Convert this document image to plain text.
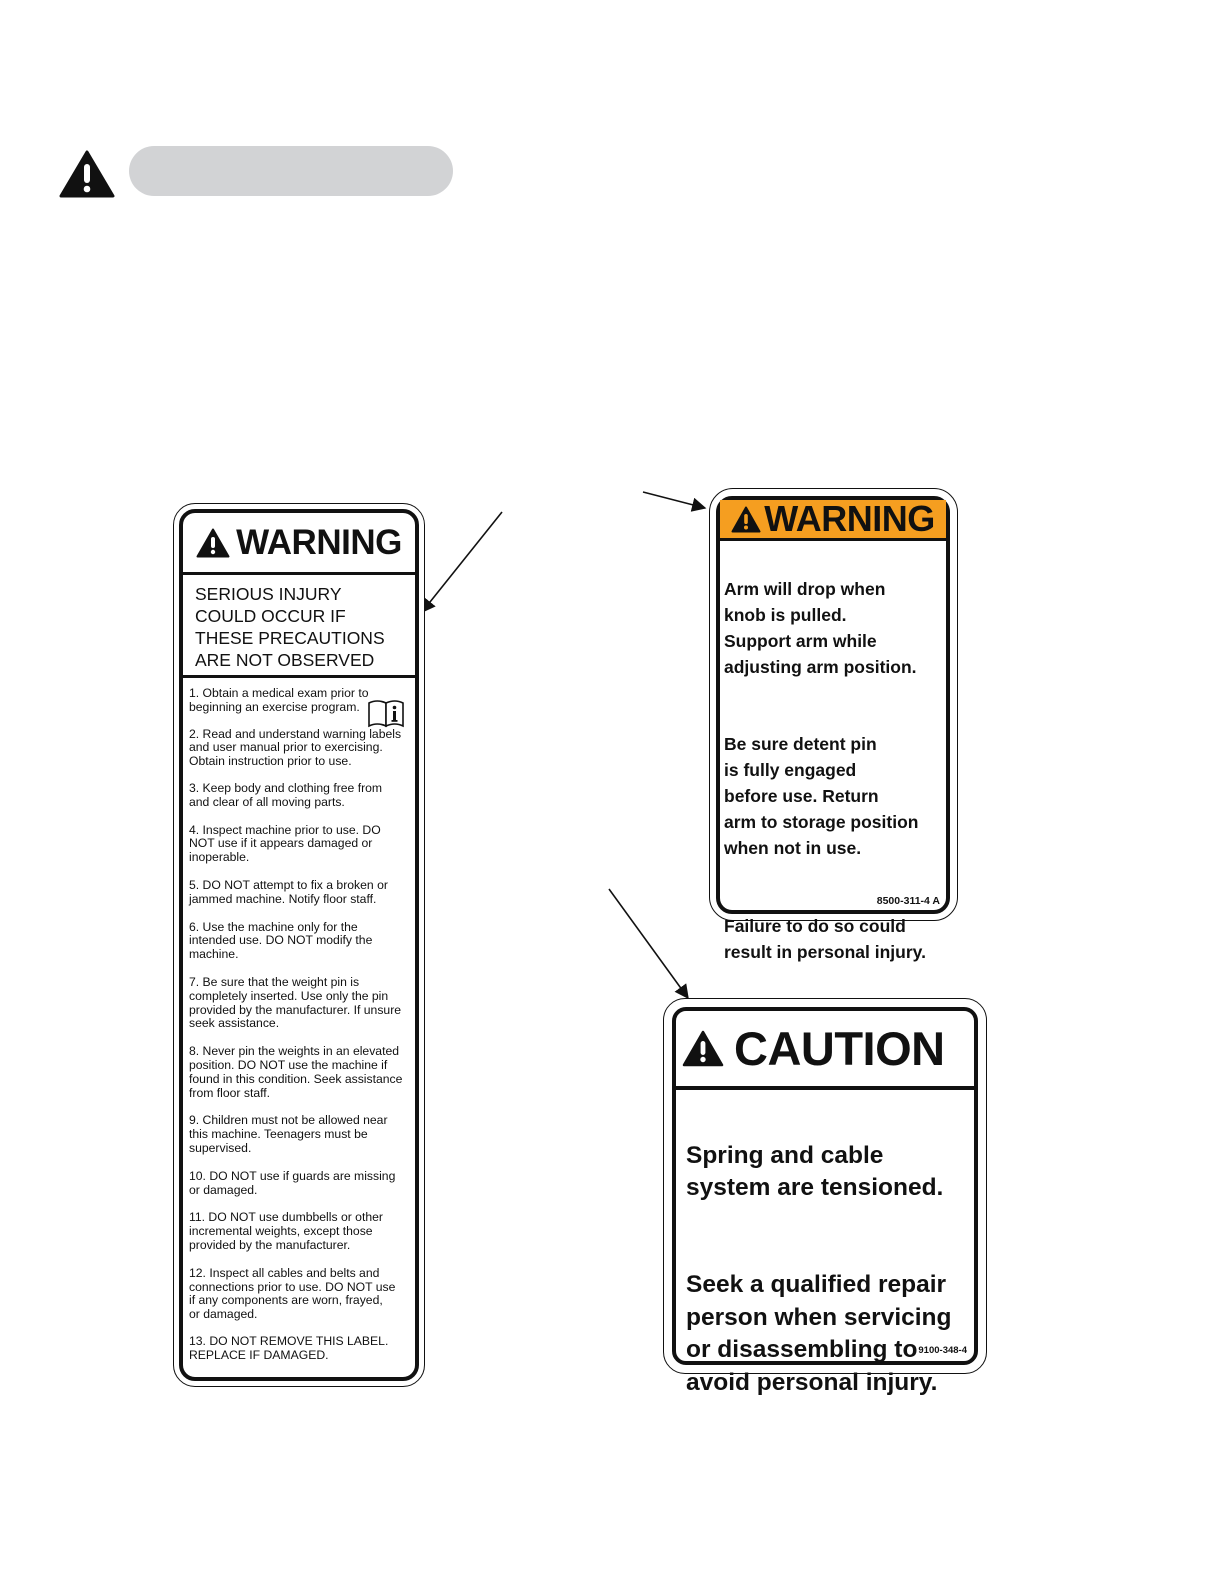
WARNING
SERIOUS INJURY
COULD OCCUR IF
THESE PRECAUTIONS
ARE NOT OBSERVED

1. Obtain a medical exam prior to
beginning an exercise program.

2. Read and understand warning labels
and user manual prior to exercising.
Obtain instruction prior to use.

3. Keep body and clothing free from
and clear of all moving parts.

4. Inspect machine prior to use. DO
NOT use if it appears damaged or
inoperable.

5. DO NOT attempt to fix a broken or
jammed machine. Notify floor staff.

6. Use the machine only for the
intended use. DO NOT modify the
machine.

7. Be sure that the weight pin is
completely inserted. Use only the pin
provided by the manufacturer. If unsure
seek assistance.

8. Never pin the weights in an elevated
position. DO NOT use the machine if
found in this condition. Seek assistance
from floor staff.

9. Children must not be allowed near
this machine. Teenagers must be
supervised.

10. DO NOT use if guards are missing
or damaged.

11. DO NOT use dumbbells or other
incremental weights, except those
provided by the manufacturer.

12. Inspect all cables and belts and
connections prior to use. DO NOT use
if any components are worn, frayed,
or damaged.

13. DO NOT REMOVE THIS LABEL.
REPLACE IF DAMAGED.

WARNING

Arm will drop when
knob is pulled.
Support arm while
adjusting arm position.

Be sure detent pin
is fully engaged
before use. Return
arm to storage position
when not in use.

Failure to do so could
result in personal injury.

8500-311-4 A
CAUTION

Spring and cable
system are tensioned.

Seek a qualified repair
person when servicing
or disassembling to
avoid personal injury.

9100-348-4
